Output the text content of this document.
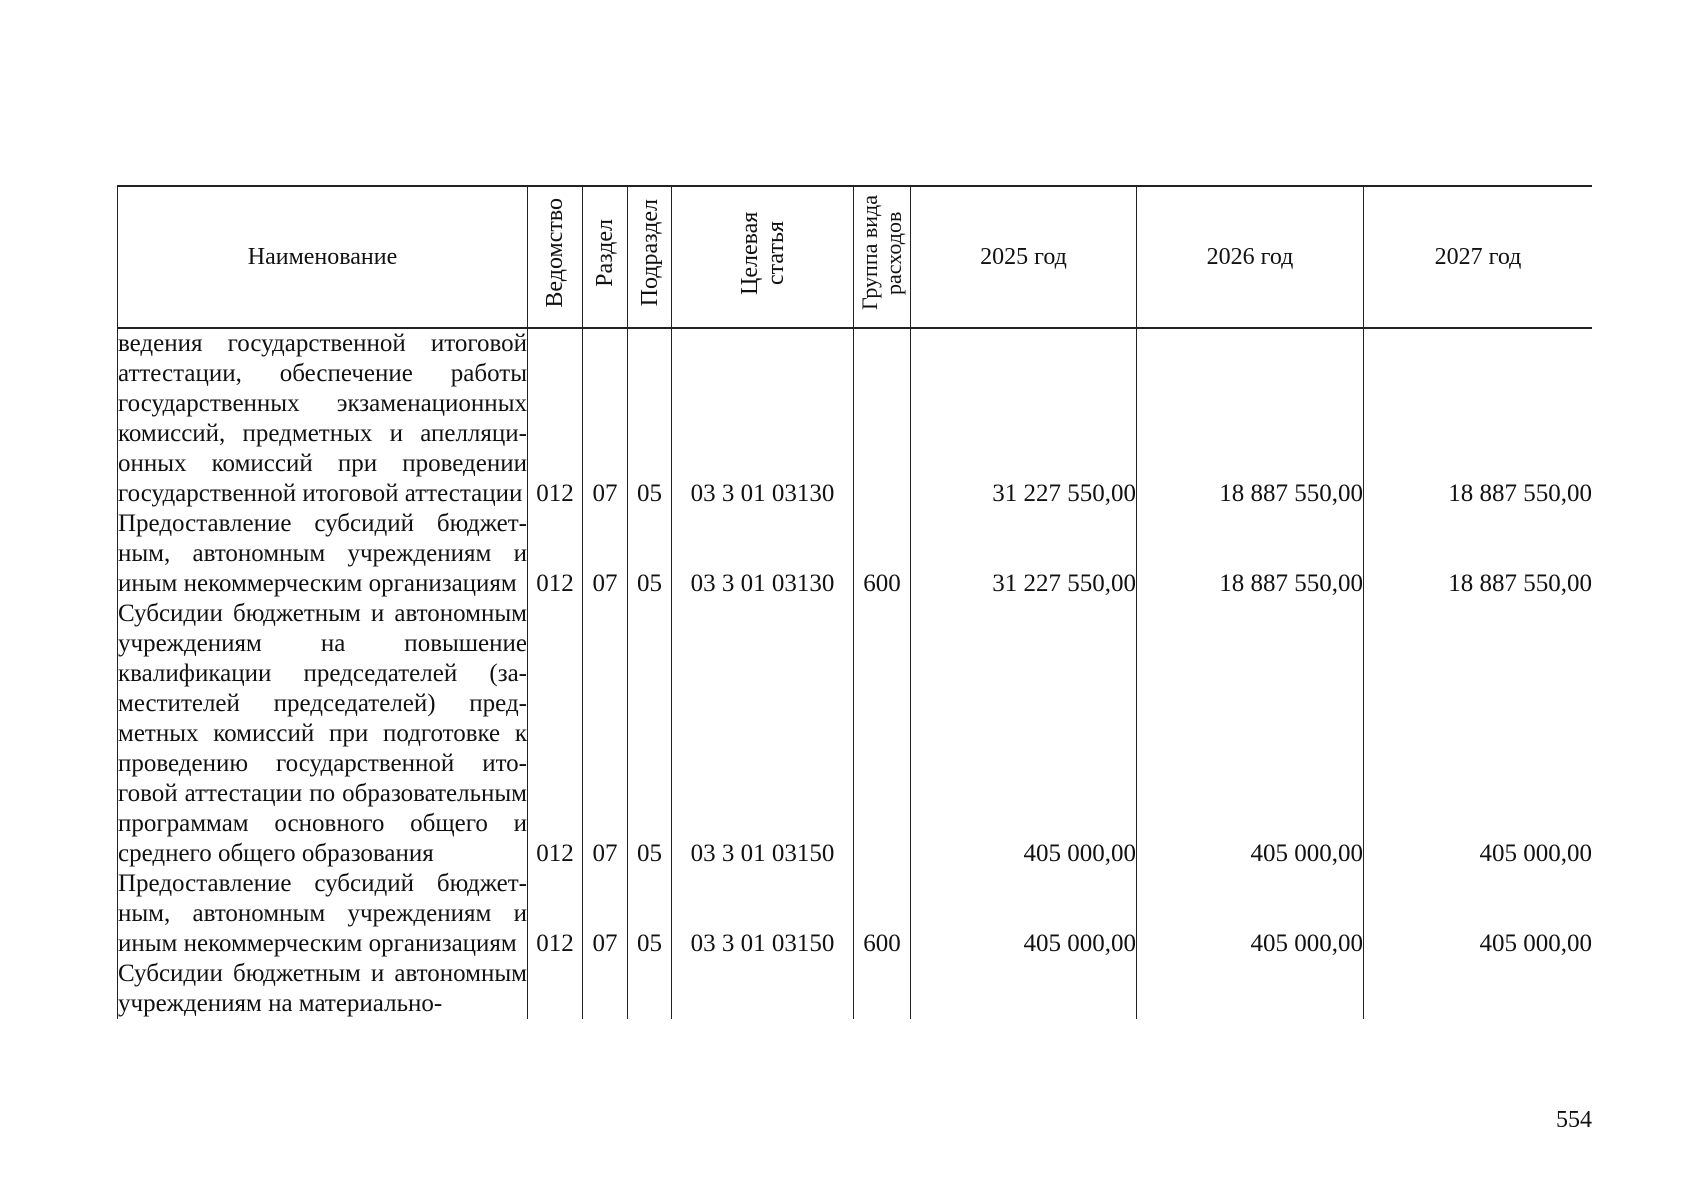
Наименование	Ведомство	Раздел	Подраздел	Целевая статья	Группа вида расходов	2025 год	2026 год	2027 год
ведения государственной итоговой аттестации, обеспечение работы государственных экзаменационных комиссий, предметных и апелляционных комиссий при проведении государственной итоговой аттестации	012	07	05	03 3 01 03130		31 227 550,00	18 887 550,00	18 887 550,00
Предоставление субсидий бюджетным, автономным учреждениям и иным некоммерческим организациям	012	07	05	03 3 01 03130	600	31 227 550,00	18 887 550,00	18 887 550,00
Субсидии бюджетным и автономным учреждениям на повышение квалификации председателей (заместителей председателей) предметных комиссий при подготовке к проведению государственной итоговой аттестации по образовательным программам основного общего и среднего общего образования	012	07	05	03 3 01 03150		405 000,00	405 000,00	405 000,00
Предоставление субсидий бюджетным, автономным учреждениям и иным некоммерческим организациям	012	07	05	03 3 01 03150	600	405 000,00	405 000,00	405 000,00
Субсидии бюджетным и автономным учреждениям на материально-								
554
